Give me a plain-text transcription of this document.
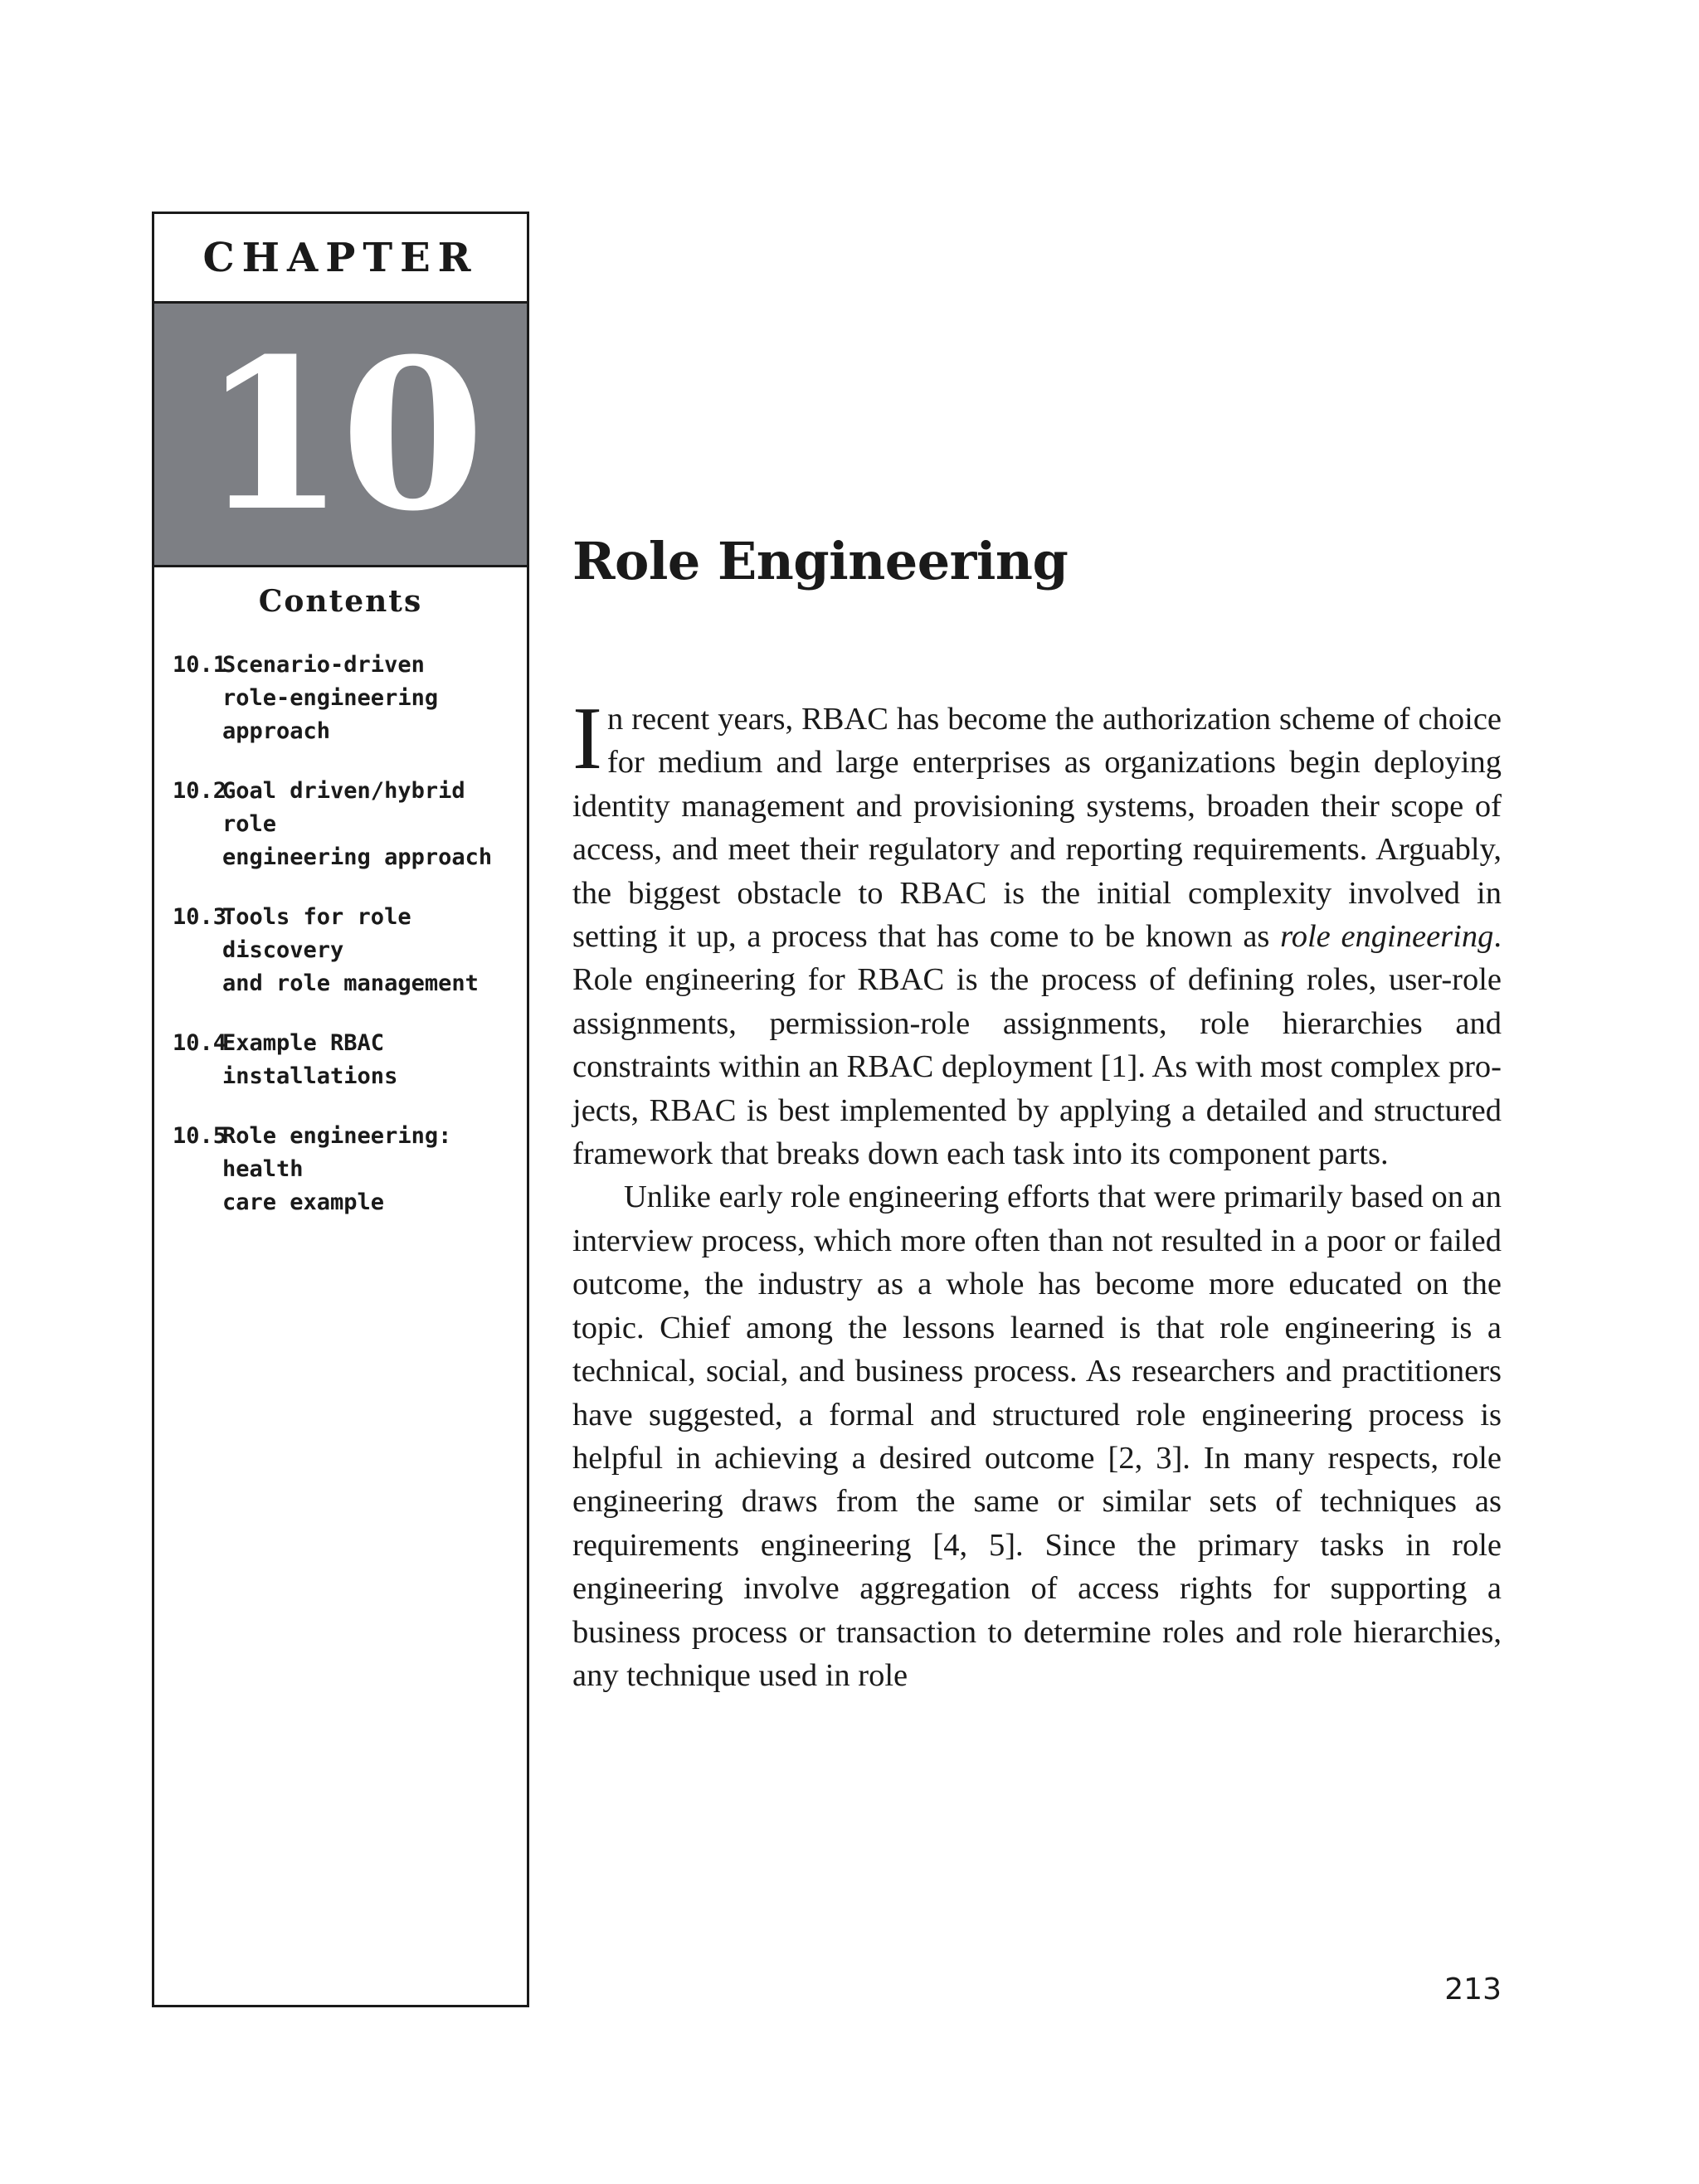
CHAPTER
10
Contents
10.1
Scenario-driven
role-engineering approach
10.2
Goal driven/hybrid role
engineering approach
10.3
Tools for role discovery
and role management
10.4
Example RBAC
installations
10.5
Role engineering: health
care example
Role Engineering

In recent years, RBAC has become the authorization scheme of choice for medium and large enterprises as organizations begin deploying identity management and provisioning systems, broaden their scope of access, and meet their regulatory and reporting requirements. Arguably, the biggest obstacle to RBAC is the initial complexity involved in setting it up, a process that has come to be known as role engineering. Role engineering for RBAC is the process of defining roles, user-role assignments, permission-role assignments, role hierarchies and constraints within an RBAC deployment [1]. As with most complex projects, RBAC is best implemented by applying a detailed and structured framework that breaks down each task into its component parts.

Unlike early role engineering efforts that were primarily based on an interview process, which more often than not resulted in a poor or failed outcome, the industry as a whole has become more educated on the topic. Chief among the lessons learned is that role engineering is a technical, social, and business process. As researchers and practitioners have suggested, a formal and structured role engineering process is helpful in achieving a desired outcome [2, 3]. In many respects, role engineering draws from the same or similar sets of techniques as requirements engineering [4, 5]. Since the primary tasks in role engineering involve aggregation of access rights for supporting a business process or transaction to determine roles and role hierarchies, any technique used in role

213
